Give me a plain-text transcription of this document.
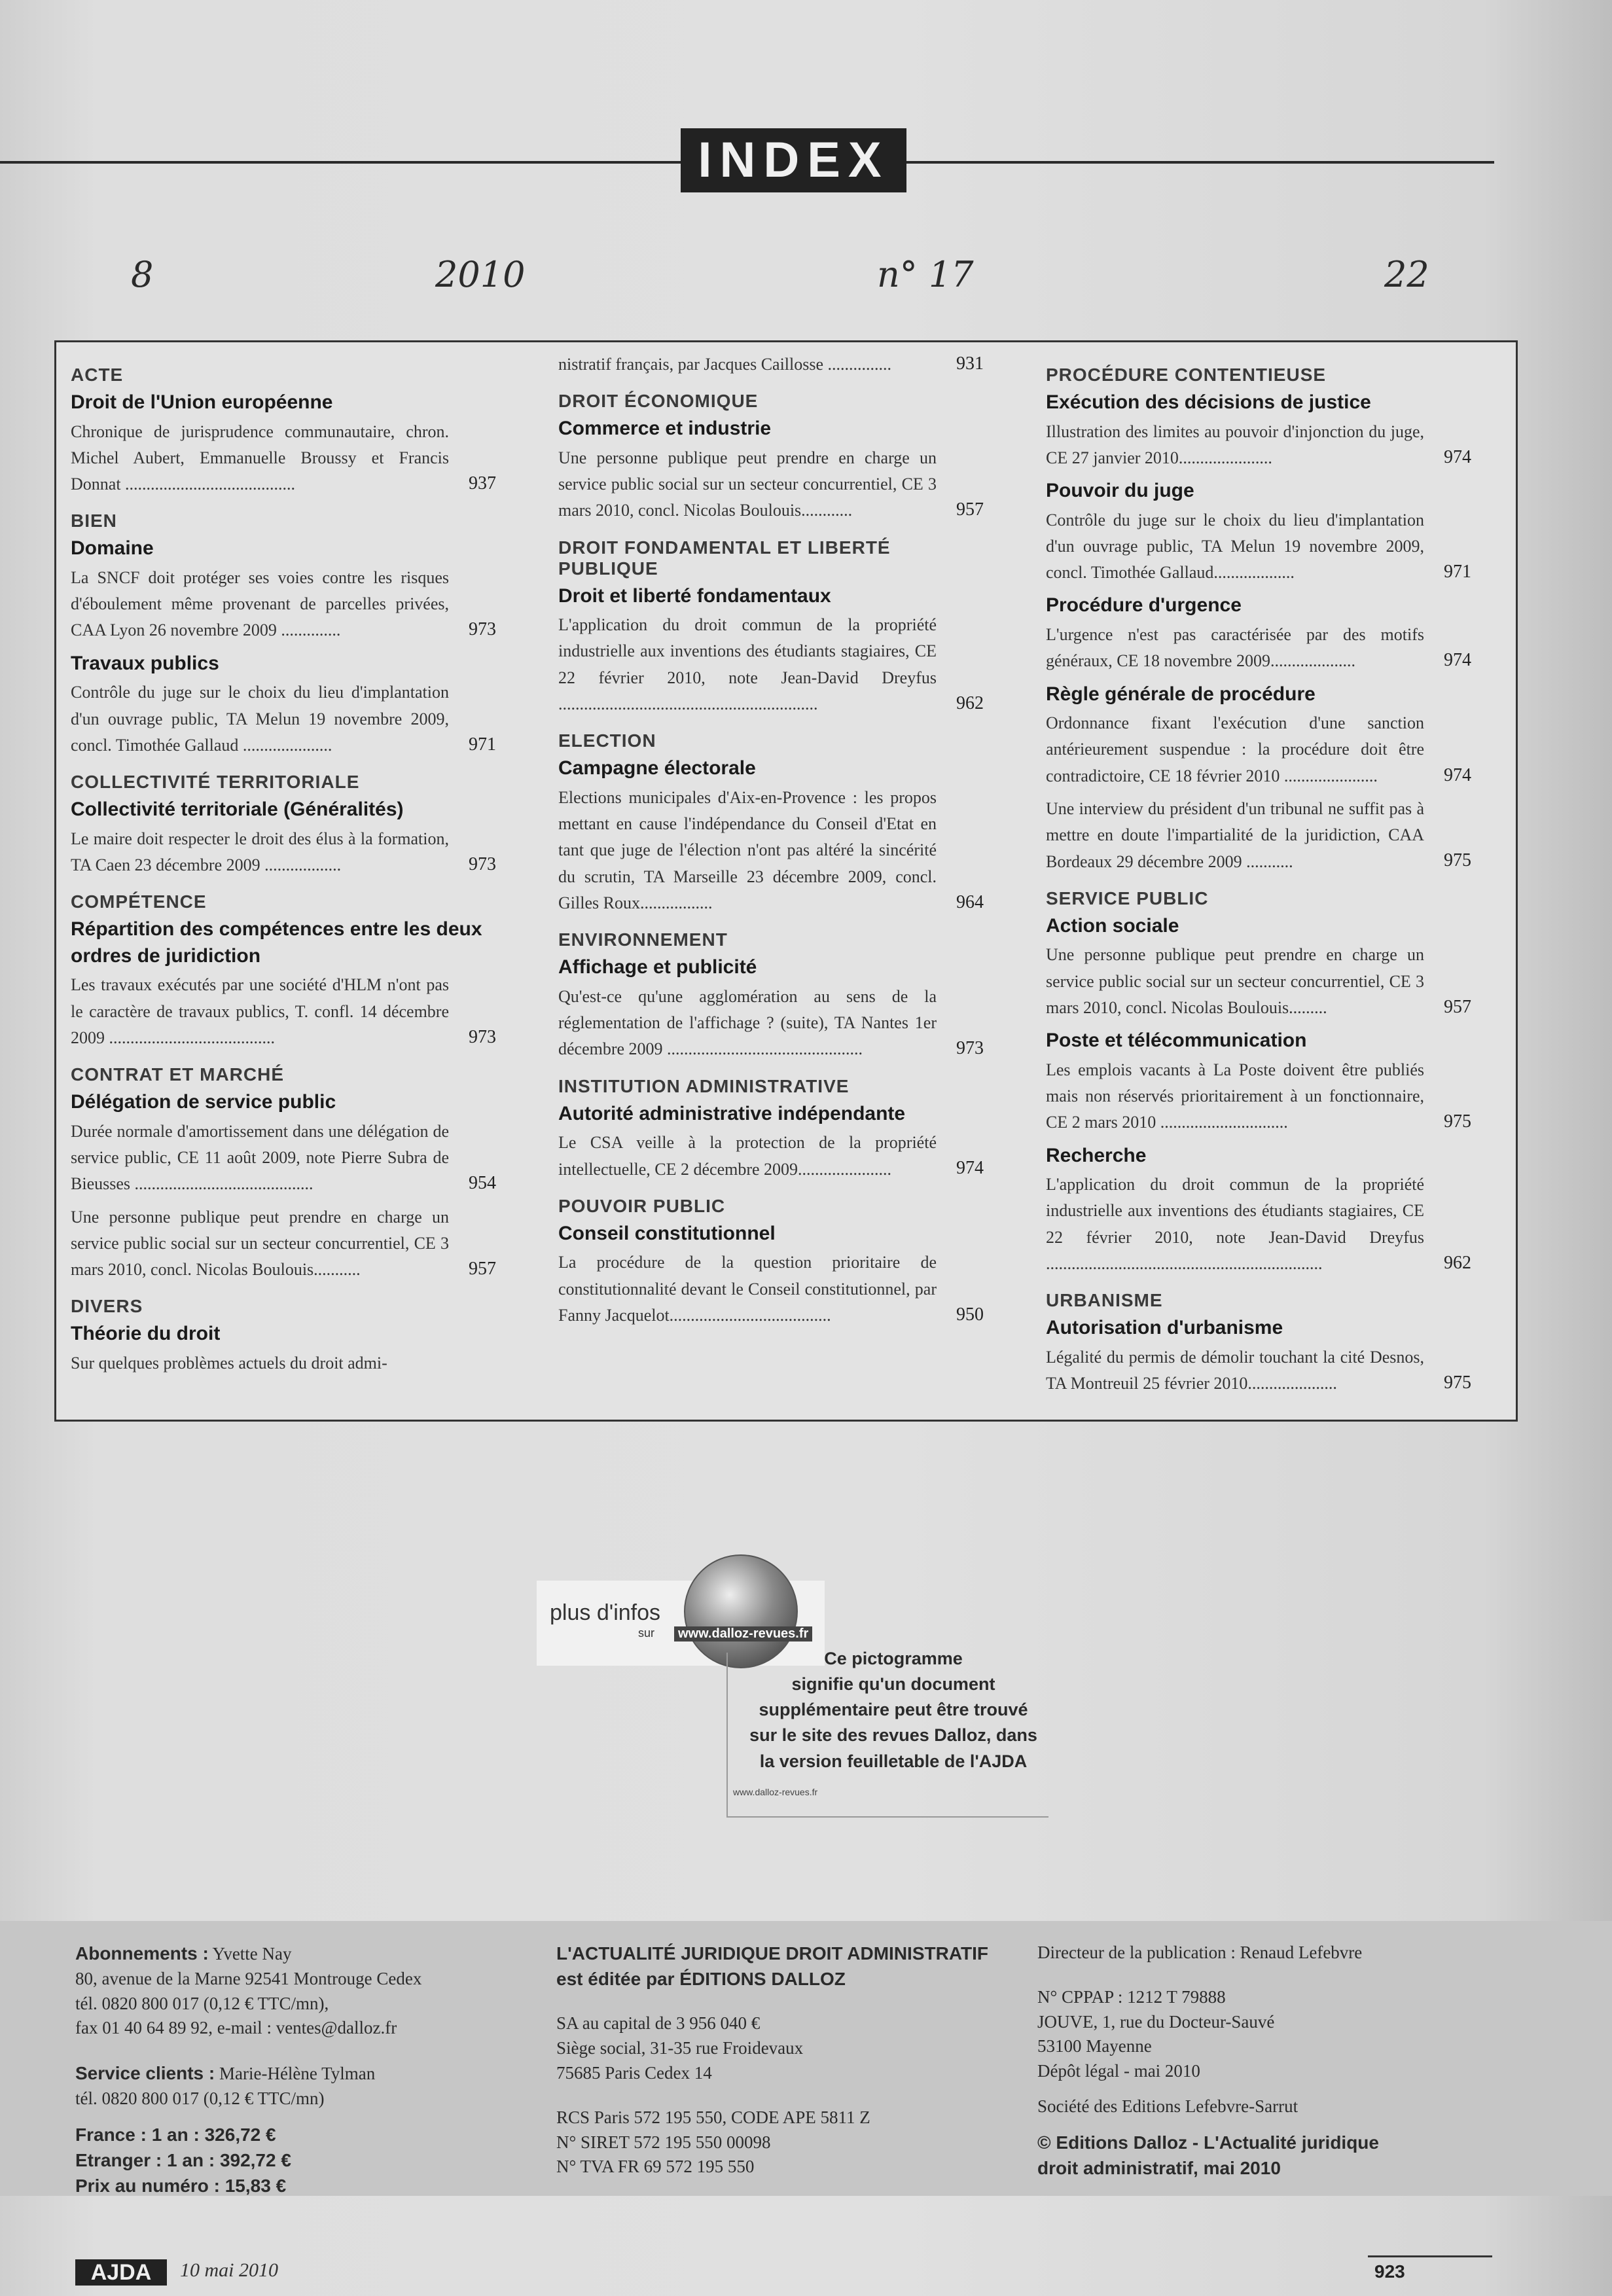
INDEX
8	2010	n° 17	22
ACTE
Droit de l'Union européenne
Chronique de jurisprudence communautaire, chron. Michel Aubert, Emmanuelle Broussy et Francis Donnat ........................................	937
BIEN
Domaine
La SNCF doit protéger ses voies contre les risques d'éboulement même provenant de parcelles privées, CAA Lyon 26 novembre 2009 ..............	973
Travaux publics
Contrôle du juge sur le choix du lieu d'implantation d'un ouvrage public, TA Melun 19 novembre 2009, concl. Timothée Gallaud .....................	971
COLLECTIVITÉ TERRITORIALE
Collectivité territoriale (Généralités)
Le maire doit respecter le droit des élus à la formation, TA Caen 23 décembre 2009 ..................	973
COMPÉTENCE
Répartition des compétences entre les deux ordres de juridiction
Les travaux exécutés par une société d'HLM n'ont pas le caractère de travaux publics, T. confl. 14 décembre 2009 .......................................	973
CONTRAT ET MARCHÉ
Délégation de service public
Durée normale d'amortissement dans une délégation de service public, CE 11 août 2009, note Pierre Subra de Bieusses ..........................................	954
Une personne publique peut prendre en charge un service public social sur un secteur concurrentiel, CE 3 mars 2010, concl. Nicolas Boulouis...........	957
DIVERS
Théorie du droit
Sur quelques problèmes actuels du droit admi-
nistratif français, par Jacques Caillosse ...............	931
DROIT ÉCONOMIQUE
Commerce et industrie
Une personne publique peut prendre en charge un service public social sur un secteur concurrentiel, CE 3 mars 2010, concl. Nicolas Boulouis............	957
DROIT FONDAMENTAL ET LIBERTÉ PUBLIQUE
Droit et liberté fondamentaux
L'application du droit commun de la propriété industrielle aux inventions des étudiants stagiaires, CE 22 février 2010, note Jean-David Dreyfus .............................................................	962
ELECTION
Campagne électorale
Elections municipales d'Aix-en-Provence : les propos mettant en cause l'indépendance du Conseil d'Etat en tant que juge de l'élection n'ont pas altéré la sincérité du scrutin, TA Marseille 23 décembre 2009, concl. Gilles Roux.................	964
ENVIRONNEMENT
Affichage et publicité
Qu'est-ce qu'une agglomération au sens de la réglementation de l'affichage ? (suite), TA Nantes 1er décembre 2009 ..............................................	973
INSTITUTION ADMINISTRATIVE
Autorité administrative indépendante
Le CSA veille à la protection de la propriété intellectuelle, CE 2 décembre 2009......................	974
POUVOIR PUBLIC
Conseil constitutionnel
La procédure de la question prioritaire de constitutionnalité devant le Conseil constitutionnel, par Fanny Jacquelot......................................	950
PROCÉDURE CONTENTIEUSE
Exécution des décisions de justice
Illustration des limites au pouvoir d'injonction du juge, CE 27 janvier 2010......................	974
Pouvoir du juge
Contrôle du juge sur le choix du lieu d'implantation d'un ouvrage public, TA Melun 19 novembre 2009, concl. Timothée Gallaud...................	971
Procédure d'urgence
L'urgence n'est pas caractérisée par des motifs généraux, CE 18 novembre 2009....................	974
Règle générale de procédure
Ordonnance fixant l'exécution d'une sanction antérieurement suspendue : la procédure doit être contradictoire, CE 18 février 2010 ......................	974
Une interview du président d'un tribunal ne suffit pas à mettre en doute l'impartialité de la juridiction, CAA Bordeaux 29 décembre 2009 ...........	975
SERVICE PUBLIC
Action sociale
Une personne publique peut prendre en charge un service public social sur un secteur concurrentiel, CE 3 mars 2010, concl. Nicolas Boulouis.........	957
Poste et télécommunication
Les emplois vacants à La Poste doivent être publiés mais non réservés prioritairement à un fonctionnaire, CE 2 mars 2010 ..............................	975
Recherche
L'application du droit commun de la propriété industrielle aux inventions des étudiants stagiaires, CE 22 février 2010, note Jean-David Dreyfus .................................................................	962
URBANISME
Autorisation d'urbanisme
Légalité du permis de démolir touchant la cité Desnos, TA Montreuil 25 février 2010.....................	975
plus d'infos
sur	www.dalloz-revues.fr
Ce pictogramme
signifie qu'un document
supplémentaire peut être trouvé
sur le site des revues Dalloz, dans
la version feuilletable de l'AJDA
www.dalloz-revues.fr
Abonnements : Yvette Nay
80, avenue de la Marne 92541 Montrouge Cedex
tél. 0820 800 017 (0,12 € TTC/mn),
fax 01 40 64 89 92, e-mail : ventes@dalloz.fr
Service clients : Marie-Hélène Tylman
tél. 0820 800 017 (0,12 € TTC/mn)
France : 1 an : 326,72 €
Etranger : 1 an : 392,72 €
Prix au numéro : 15,83 €
L'ACTUALITÉ JURIDIQUE DROIT ADMINISTRATIF
est éditée par ÉDITIONS DALLOZ
SA au capital de 3 956 040 €
Siège social, 31-35 rue Froidevaux
75685 Paris Cedex 14
RCS Paris 572 195 550, CODE APE 5811 Z
N° SIRET 572 195 550 00098
N° TVA FR 69 572 195 550
Directeur de la publication : Renaud Lefebvre
N° CPPAP : 1212 T 79888
JOUVE, 1, rue du Docteur-Sauvé
53100 Mayenne
Dépôt légal - mai 2010
Société des Editions Lefebvre-Sarrut
© Editions Dalloz - L'Actualité juridique
droit administratif, mai 2010
AJDA	10 mai 2010	923
